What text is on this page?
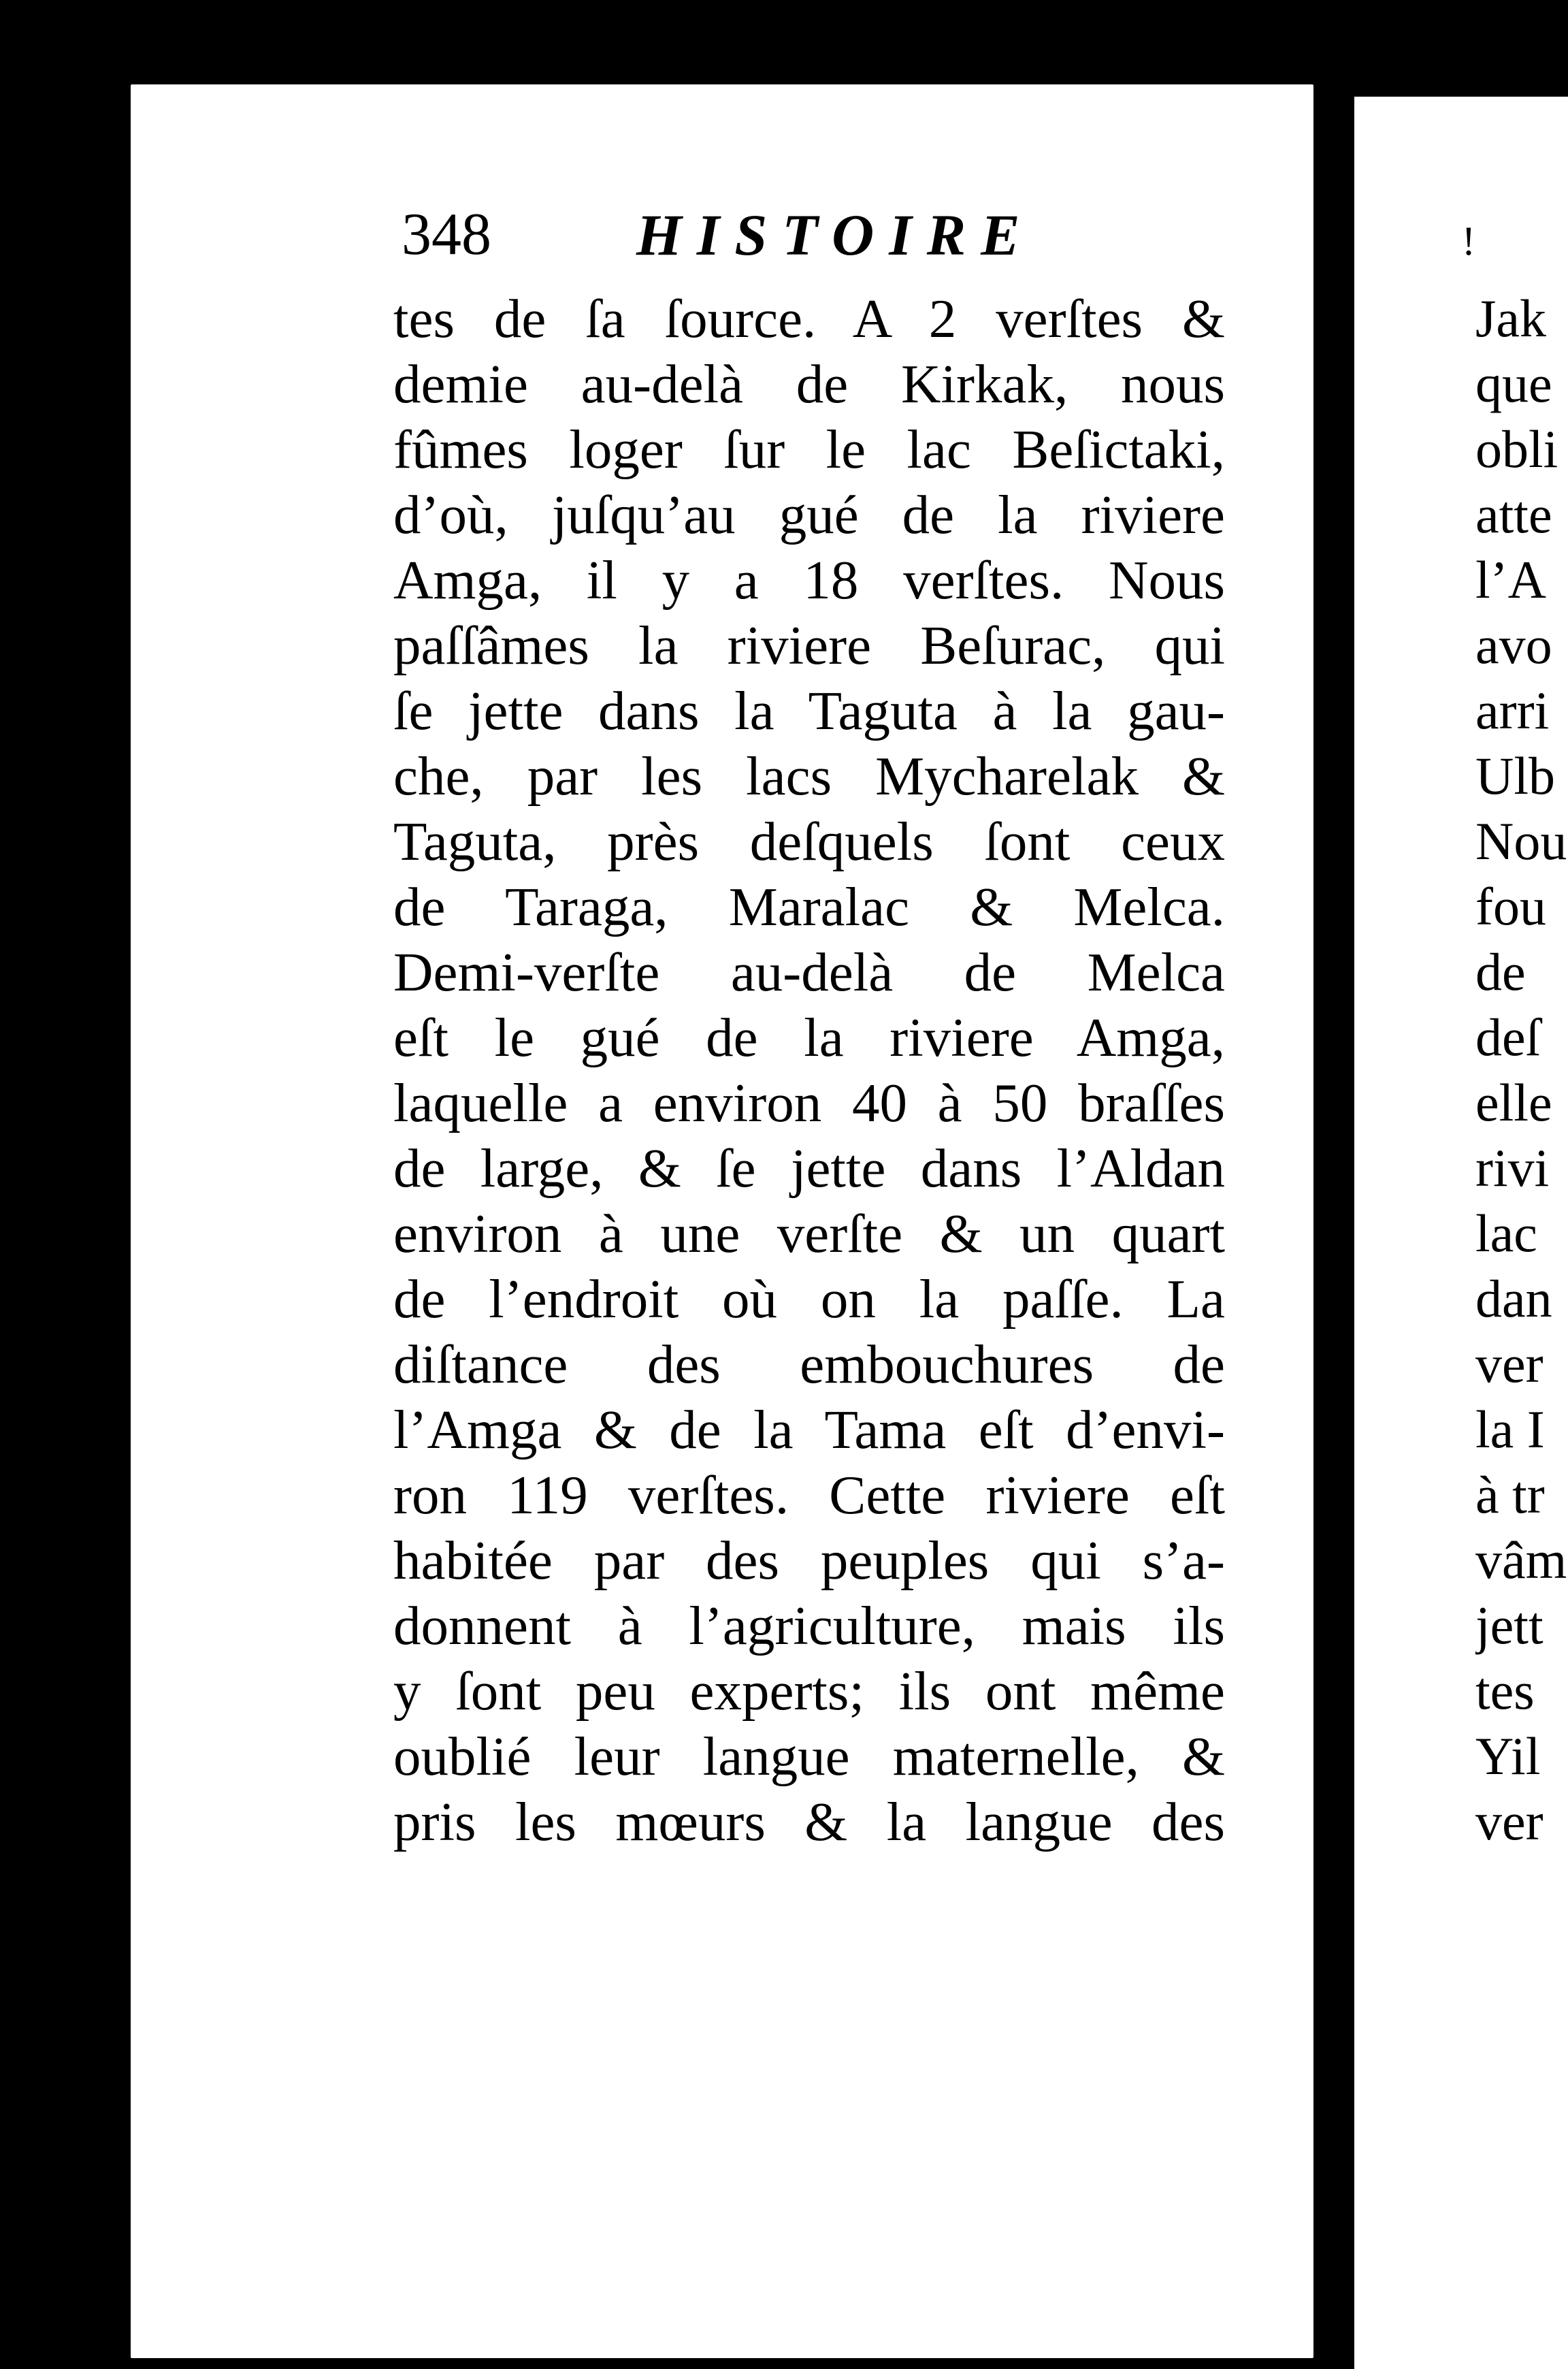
348 HISTOIRE
tes de ſa ſource. A 2 verſtes &
demie au-delà de Kirkak, nous
fûmes loger ſur le lac Beſictaki,
d’où, juſqu’au gué de la riviere
Amga, il y a 18 verſtes. Nous
paſſâmes la riviere Beſurac, qui
ſe jette dans la Taguta à la gau-
che, par les lacs Mycharelak &
Taguta, près deſquels ſont ceux
de Taraga, Maralac & Melca.
Demi-verſte au-delà de Melca
eſt le gué de la riviere Amga,
laquelle a environ 40 à 50 braſſes
de large, & ſe jette dans l’Aldan
environ à une verſte & un quart
de l’endroit où on la paſſe. La
diſtance des embouchures de
l’Amga & de la Tama eſt d’envi-
ron 119 verſtes. Cette riviere eſt
habitée par des peuples qui s’a-
donnent à l’agriculture, mais ils
y ſont peu experts; ils ont même
oublié leur langue maternelle, &
pris les mœurs & la langue des
!
Jak
que
obli
atte
l’A
avo
arri
Ulb
Nou
fou
de
deſ
elle
rivi
lac
dan
ver
la I
à tr
vâm
jett
tes
Yil
ver
